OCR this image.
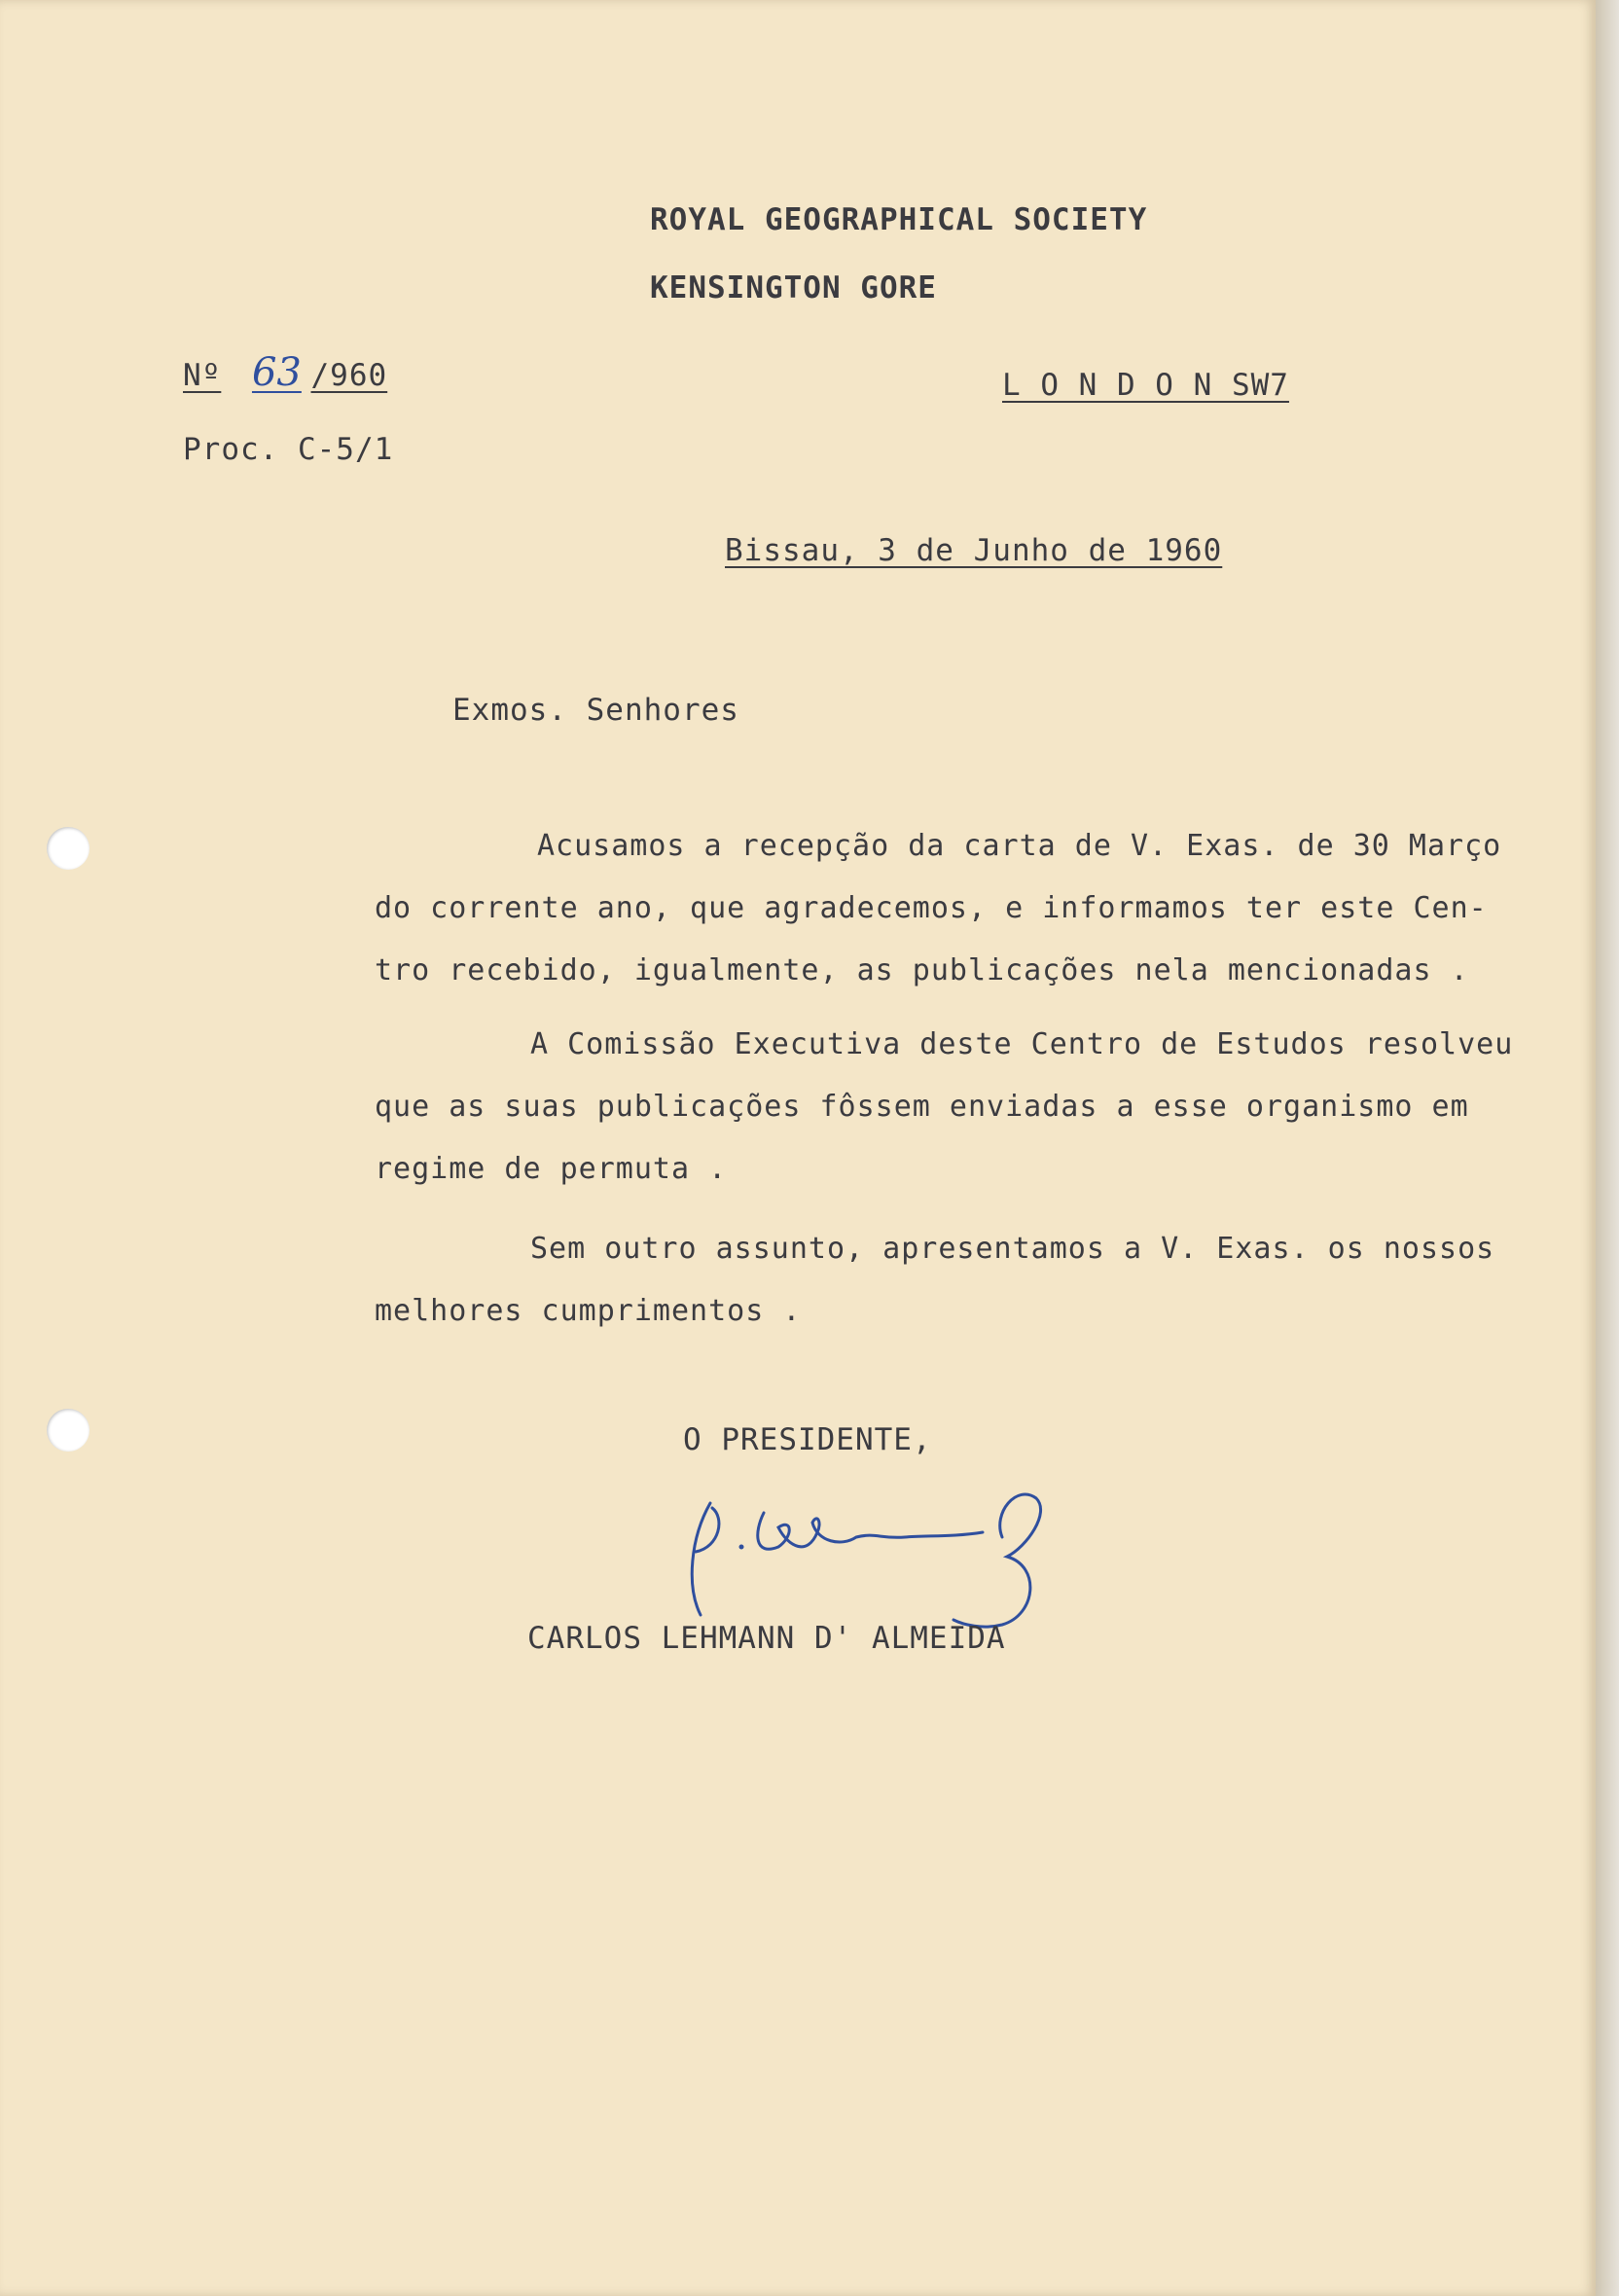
ROYAL GEOGRAPHICAL SOCIETY

KENSINGTON GORE

L O N D O N SW7

Nº 63 /960

Proc. C-5/1

Bissau, 3 de Junho de 1960

Exmos. Senhores

Acusamos a recepção da carta de V. Exas. de 30 Março
do corrente ano, que agradecemos, e informamos ter este Cen-
tro recebido, igualmente, as publicações nela mencionadas .
A Comissão Executiva deste Centro de Estudos resolveu
que as suas publicações fôssem enviadas a esse organismo em
regime de permuta .
Sem outro assunto, apresentamos a V. Exas. os nossos
melhores cumprimentos .

O PRESIDENTE,

CARLOS LEHMANN D' ALMEIDA
